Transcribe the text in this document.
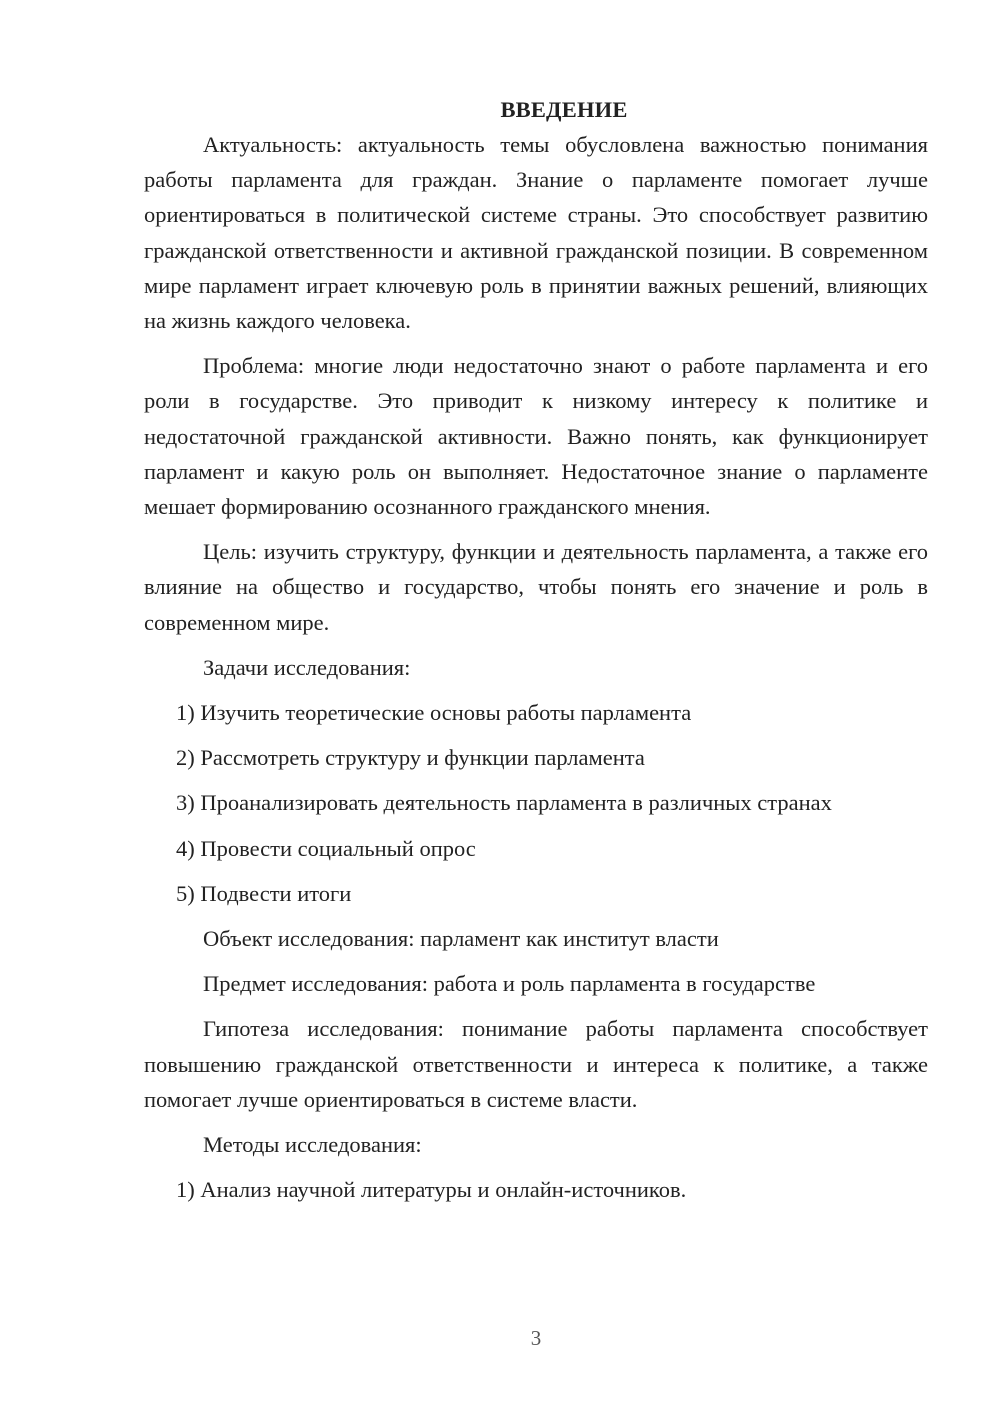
ВВЕДЕНИЕ

Актуальность: актуальность темы обусловлена важностью понимания работы парламента для граждан. Знание о парламенте помогает лучше ориентироваться в политической системе страны. Это способствует развитию гражданской ответственности и активной гражданской позиции. В современном мире парламент играет ключевую роль в принятии важных решений, влияющих на жизнь каждого человека.

Проблема: многие люди недостаточно знают о работе парламента и его роли в государстве. Это приводит к низкому интересу к политике и недостаточной гражданской активности. Важно понять, как функционирует парламент и какую роль он выполняет. Недостаточное знание о парламенте мешает формированию осознанного гражданского мнения.

Цель: изучить структуру, функции и деятельность парламента, а также его влияние на общество и государство, чтобы понять его значение и роль в современном мире.

Задачи исследования:

1) Изучить теоретические основы работы парламента
2) Рассмотреть структуру и функции парламента
3) Проанализировать деятельность парламента в различных странах
4) Провести социальный опрос
5) Подвести итоги

Объект исследования: парламент как институт власти

Предмет исследования: работа и роль парламента в государстве

Гипотеза исследования: понимание работы парламента способствует повышению гражданской ответственности и интереса к политике, а также помогает лучше ориентироваться в системе власти.

Методы исследования:

1) Анализ научной литературы и онлайн-источников.
3
